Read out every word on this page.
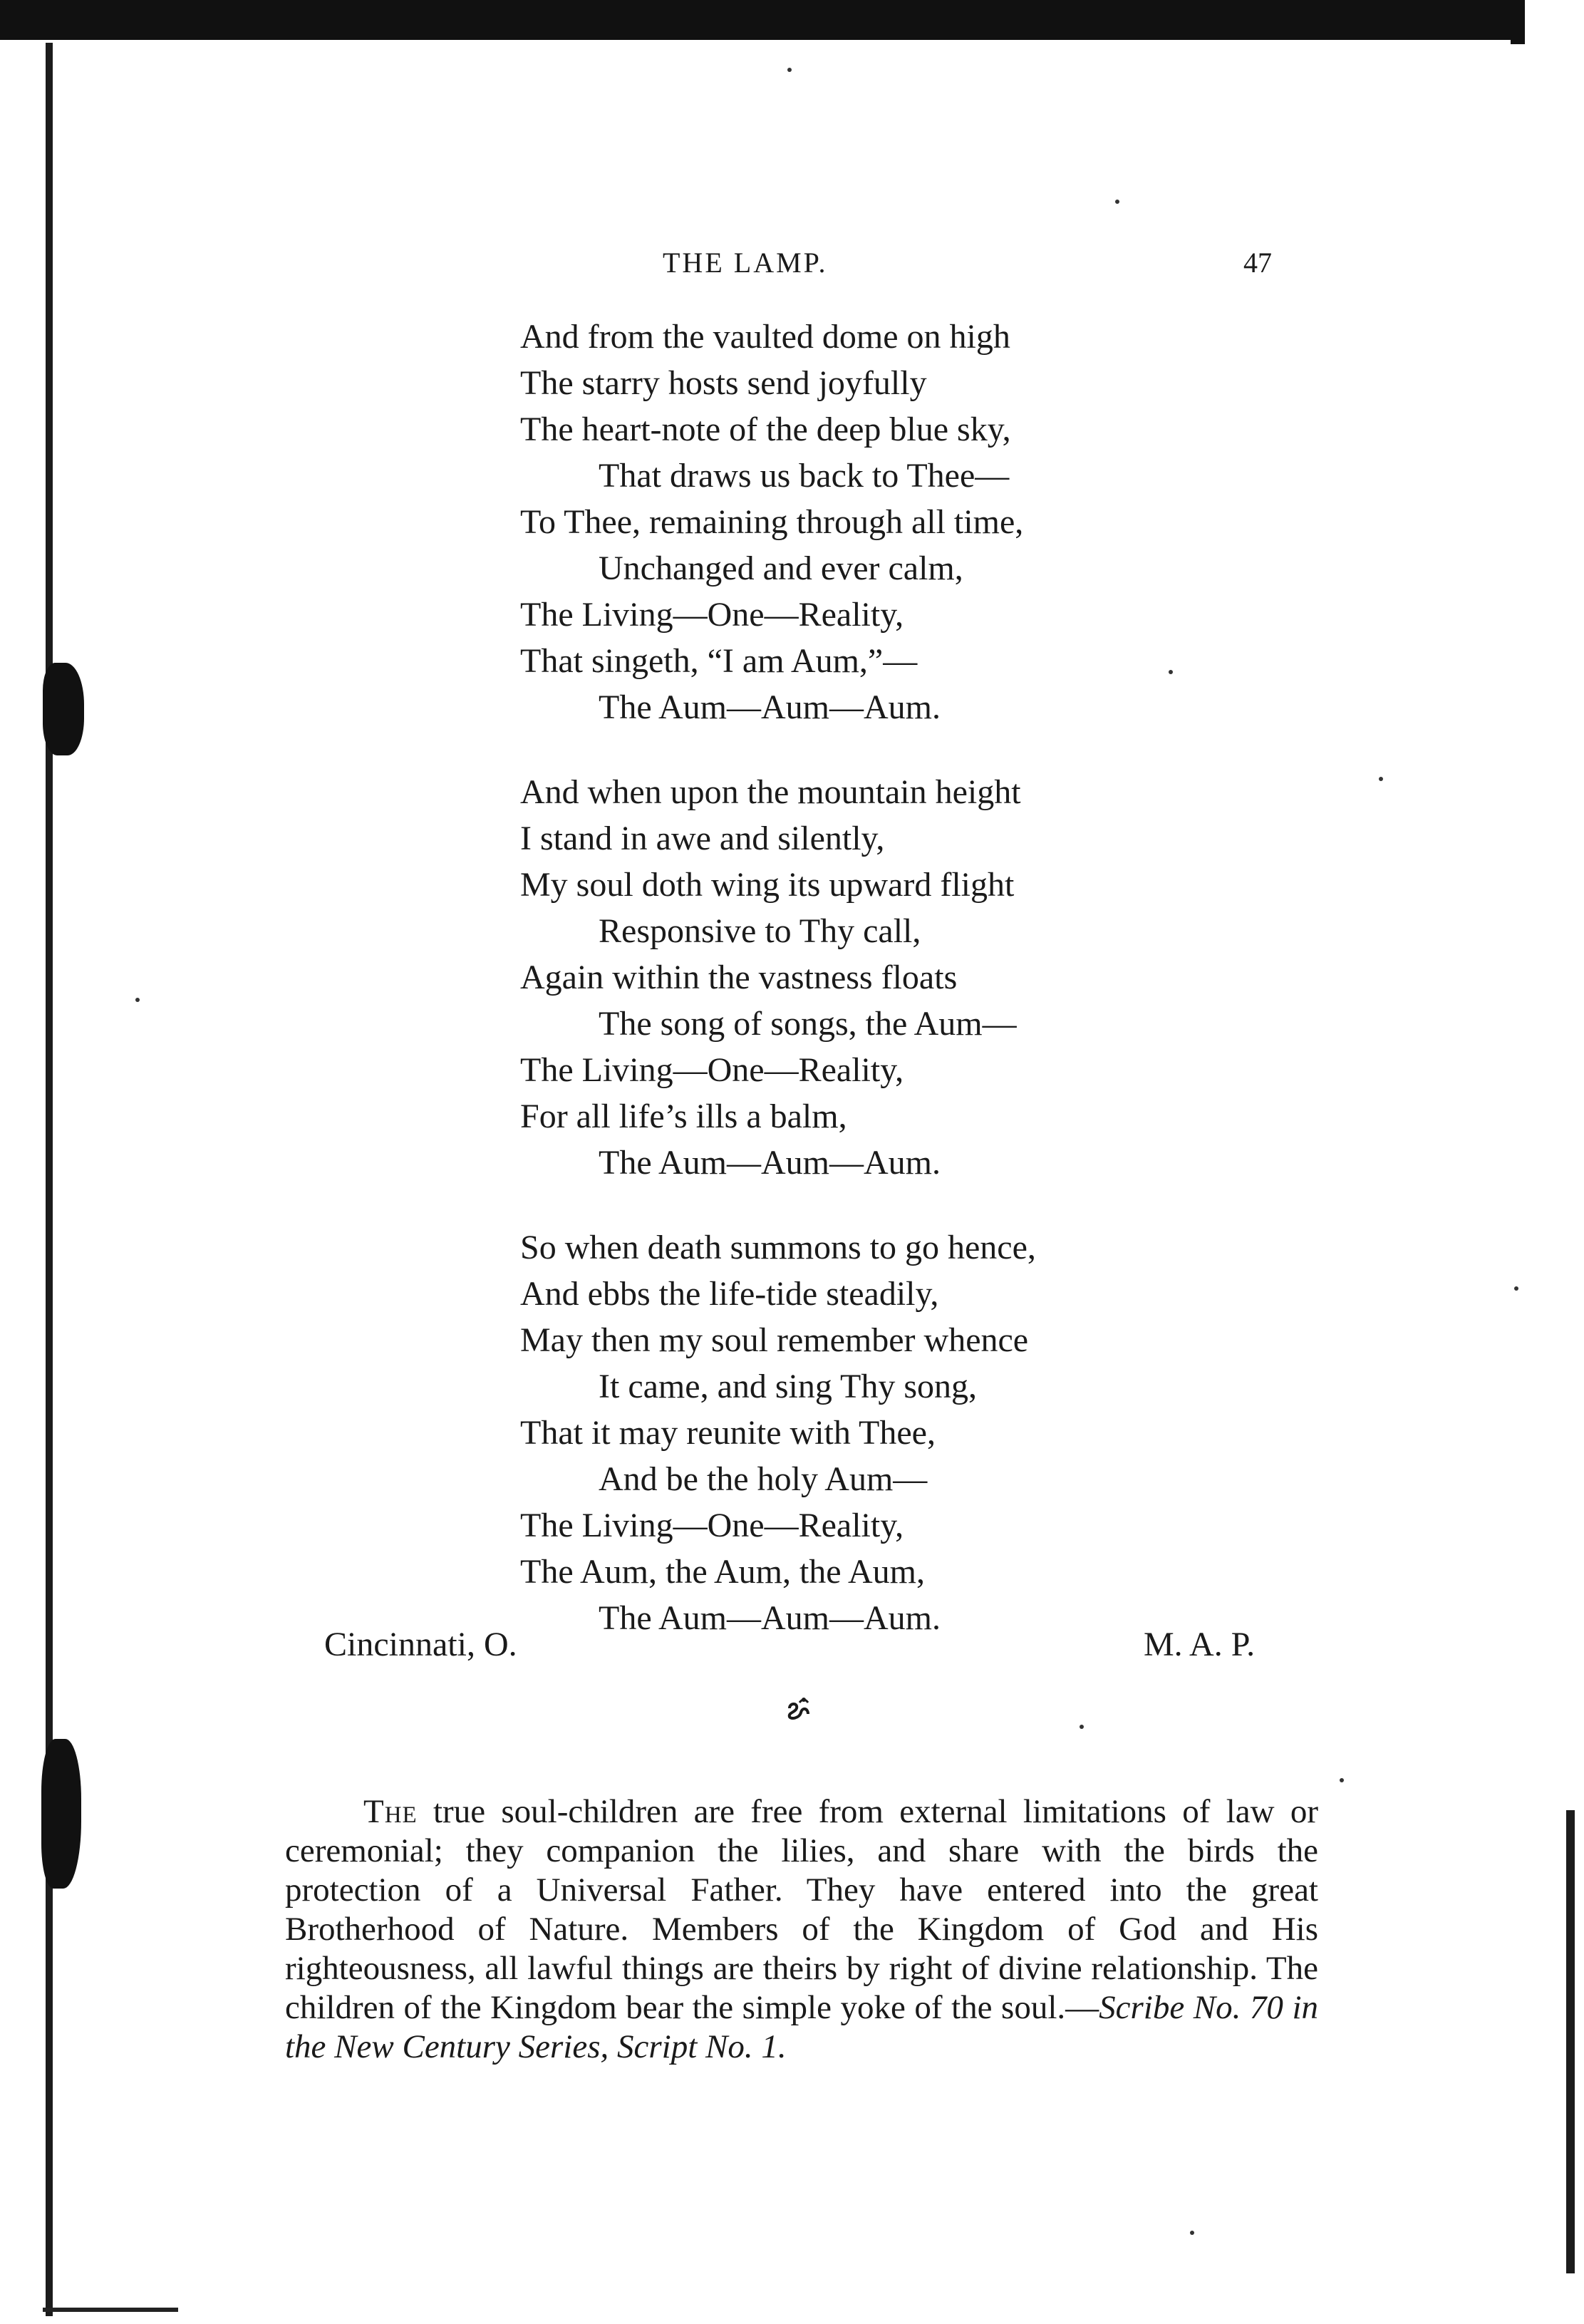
THE LAMP.	47
And from the vaulted dome on high
The starry hosts send joyfully
The heart-note of the deep blue sky,
That draws us back to Thee—
To Thee, remaining through all time,
Unchanged and ever calm,
The Living—One—Reality,
That singeth, “I am Aum,”—
The Aum—Aum—Aum.
And when upon the mountain height
I stand in awe and silently,
My soul doth wing its upward flight
Responsive to Thy call,
Again within the vastness floats
The song of songs, the Aum—
The Living—One—Reality,
For all life’s ills a balm,
The Aum—Aum—Aum.
So when death summons to go hence,
And ebbs the life-tide steadily,
May then my soul remember whence
It came, and sing Thy song,
That it may reunite with Thee,
And be the holy Aum—
The Living—One—Reality,
The Aum, the Aum, the Aum,
The Aum—Aum—Aum.
Cincinnati, O.	M. A. P.
The true soul-children are free from external limitations of law or ceremonial; they companion the lilies, and share with the birds the protection of a Universal Father. They have entered into the great Brotherhood of Nature. Members of the Kingdom of God and His righteousness, all lawful things are theirs by right of divine relationship. The children of the Kingdom bear the simple yoke of the soul.—Scribe No. 70 in the New Century Series, Script No. 1.
